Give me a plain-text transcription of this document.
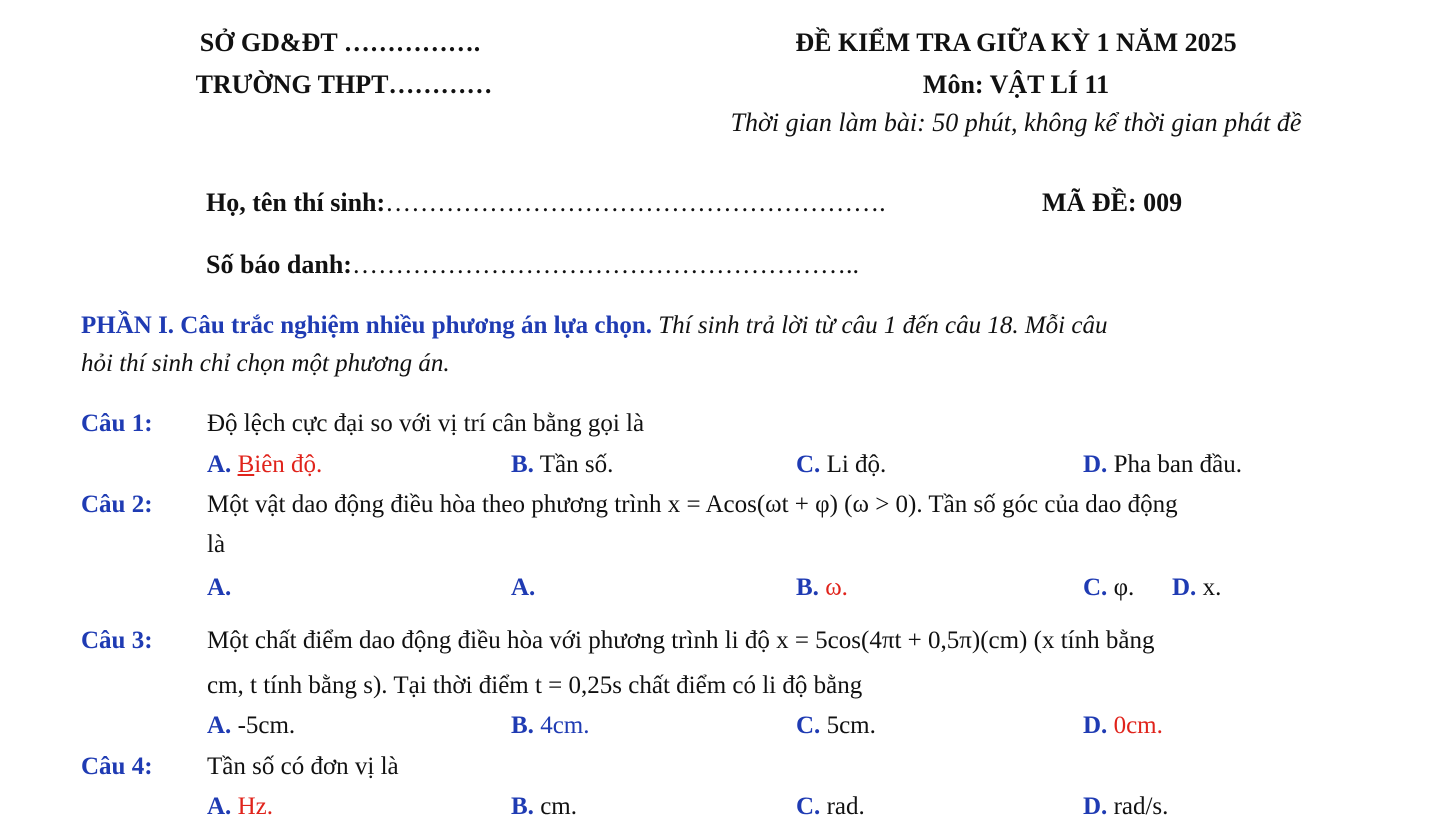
SỞ GD&ĐT …………….
TRƯỜNG THPT…………
ĐỀ KIỂM TRA GIỮA KỲ 1 NĂM 2025
Môn: VẬT LÍ 11
Thời gian làm bài: 50 phút, không kể thời gian phát đề
Họ, tên thí sinh:………………………………………………….	MÃ ĐỀ: 009
Số báo danh:…………………………………………………..
PHẦN I. Câu trắc nghiệm nhiều phương án lựa chọn. Thí sinh trả lời từ câu 1 đến câu 18. Mỗi câu
hỏi thí sinh chỉ chọn một phương án.
Câu 1: Độ lệch cực đại so với vị trí cân bằng gọi là
A. Biên độ.	B. Tần số.	C. Li độ.	D. Pha ban đầu.
Câu 2: Một vật dao động điều hòa theo phương trình x = Acos(ωt + φ) (ω > 0). Tần số góc của dao động
là
A.	A.	B. ω.	C. φ. D. x.
Câu 3: Một chất điểm dao động điều hòa với phương trình li độ x = 5cos(4πt + 0,5π)(cm) (x tính bằng
cm, t tính bằng s). Tại thời điểm t = 0,25s chất điểm có li độ bằng
A. -5cm.	B. 4cm.	C. 5cm.	D. 0cm.
Câu 4: Tần số có đơn vị là
A. Hz.	B. cm.	C. rad.	D. rad/s.
